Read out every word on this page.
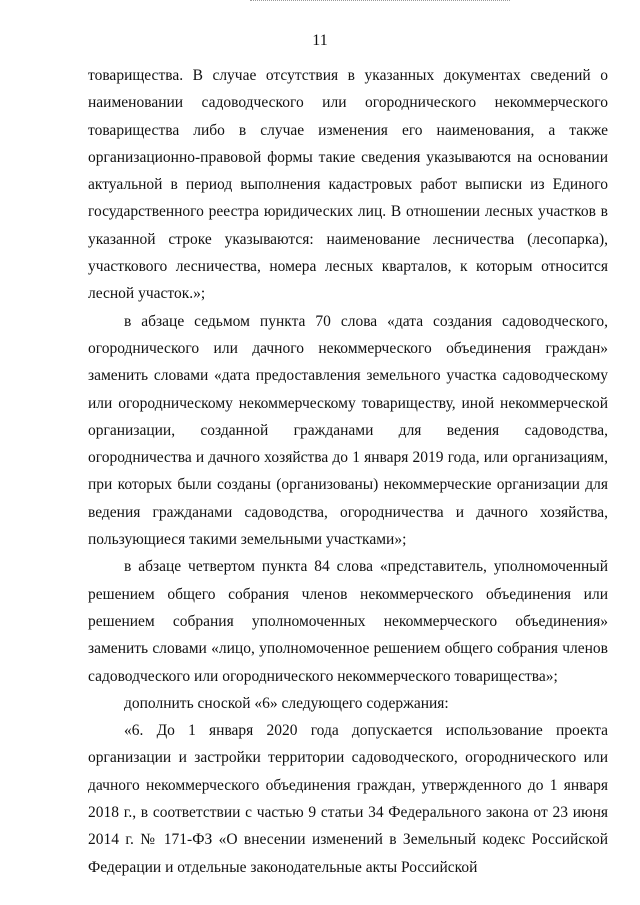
11

товарищества. В случае отсутствия в указанных документах сведений о наименовании садоводческого или огороднического некоммерческого товарищества либо в случае изменения его наименования, а также организационно-правовой формы такие сведения указываются на основании актуальной в период выполнения кадастровых работ выписки из Единого государственного реестра юридических лиц. В отношении лесных участков в указанной строке указываются: наименование лесничества (лесопарка), участкового лесничества, номера лесных кварталов, к которым относится лесной участок.»;

в абзаце седьмом пункта 70 слова «дата создания садоводческого, огороднического или дачного некоммерческого объединения граждан» заменить словами «дата предоставления земельного участка садоводческому или огородническому некоммерческому товариществу, иной некоммерческой организации, созданной гражданами для ведения садоводства, огородничества и дачного хозяйства до 1 января 2019 года, или организациям, при которых были созданы (организованы) некоммерческие организации для ведения гражданами садоводства, огородничества и дачного хозяйства, пользующиеся такими земельными участками»;

в абзаце четвертом пункта 84 слова «представитель, уполномоченный решением общего собрания членов некоммерческого объединения или решением собрания уполномоченных некоммерческого объединения» заменить словами «лицо, уполномоченное решением общего собрания членов садоводческого или огороднического некоммерческого товарищества»;

дополнить сноской «6» следующего содержания:

«6. До 1 января 2020 года допускается использование проекта организации и застройки территории садоводческого, огороднического или дачного некоммерческого объединения граждан, утвержденного до 1 января 2018 г., в соответствии с частью 9 статьи 34 Федерального закона от 23 июня 2014 г. № 171-ФЗ «О внесении изменений в Земельный кодекс Российской Федерации и отдельные законодательные акты Российской
